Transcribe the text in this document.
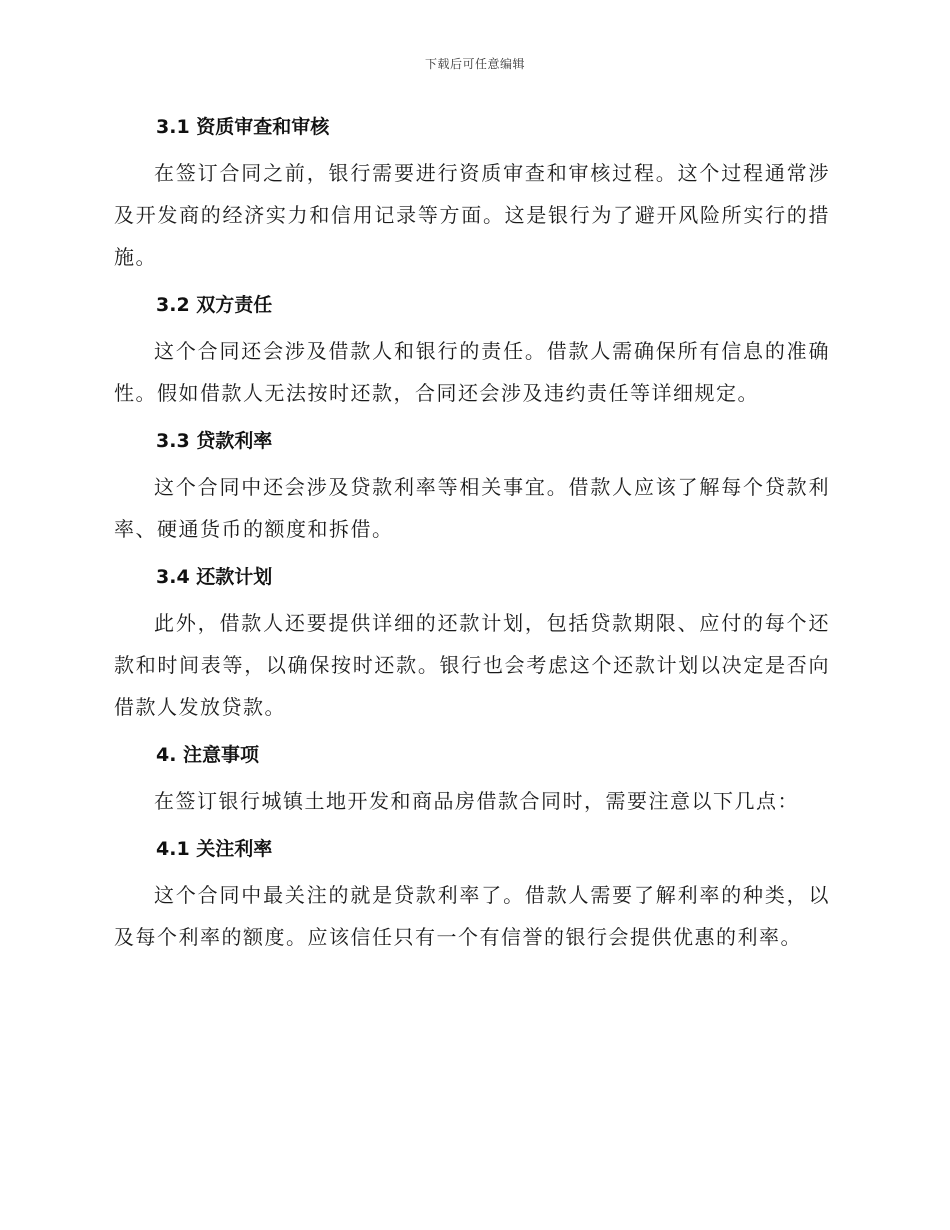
下载后可任意编辑
3.1 资质审查和审核

在签订合同之前，银行需要进行资质审查和审核过程。这个过程通常涉及开发商的经济实力和信用记录等方面。这是银行为了避开风险所实行的措施。

3.2 双方责任

这个合同还会涉及借款人和银行的责任。借款人需确保所有信息的准确性。假如借款人无法按时还款，合同还会涉及违约责任等详细规定。

3.3 贷款利率

这个合同中还会涉及贷款利率等相关事宜。借款人应该了解每个贷款利率、硬通货币的额度和拆借。

3.4 还款计划

此外，借款人还要提供详细的还款计划，包括贷款期限、应付的每个还款和时间表等，以确保按时还款。银行也会考虑这个还款计划以决定是否向借款人发放贷款。

4. 注意事项

在签订银行城镇土地开发和商品房借款合同时，需要注意以下几点：

4.1 关注利率

这个合同中最关注的就是贷款利率了。借款人需要了解利率的种类，以及每个利率的额度。应该信任只有一个有信誉的银行会提供优惠的利率。
